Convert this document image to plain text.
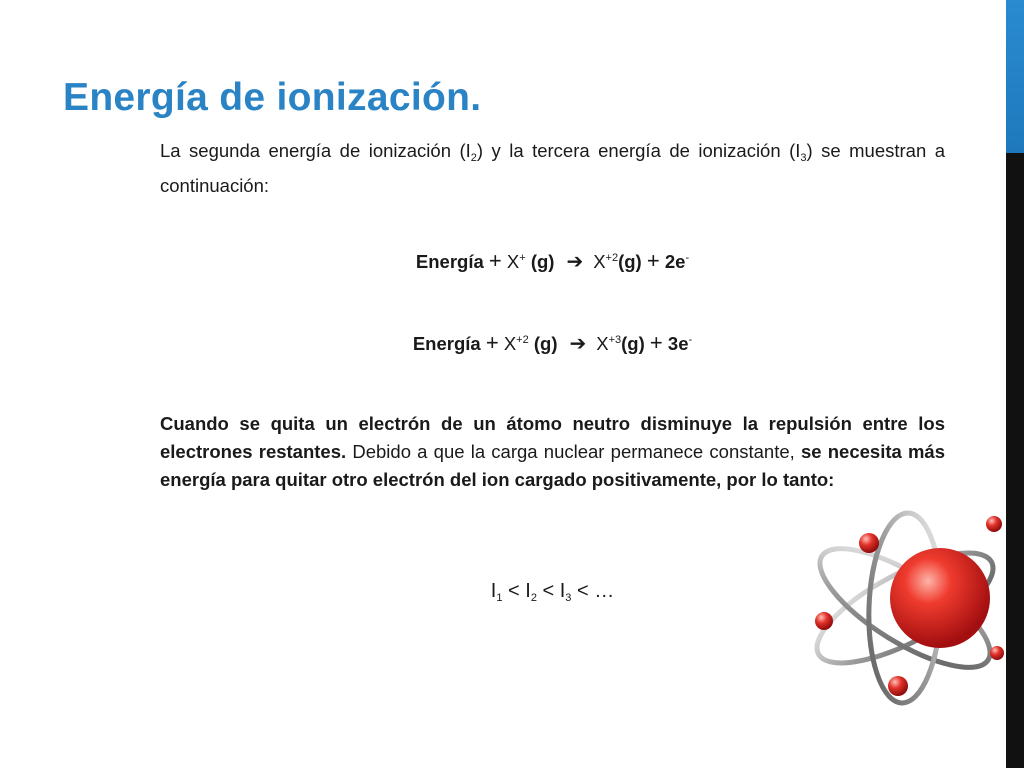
Energía de ionización.
La segunda energía de ionización $(I_2)$ y la tercera energía de ionización $(I_3)$ se muestran a continuación:
Energía + X+ (g) ➔ $X^{+2}(g) + 2e^-$
Energía + $X^{+2}$ (g) ➔ $X^{+3}(g) + 3e^-$
Cuando se quita un electrón de un átomo neutro disminuye la repulsión entre los electrones restantes. Debido a que la carga nuclear permanece constante, se necesita más energía para quitar otro electrón del ion cargado positivamente, por lo tanto:
$I_1 < I_2 < I_3$ < …
